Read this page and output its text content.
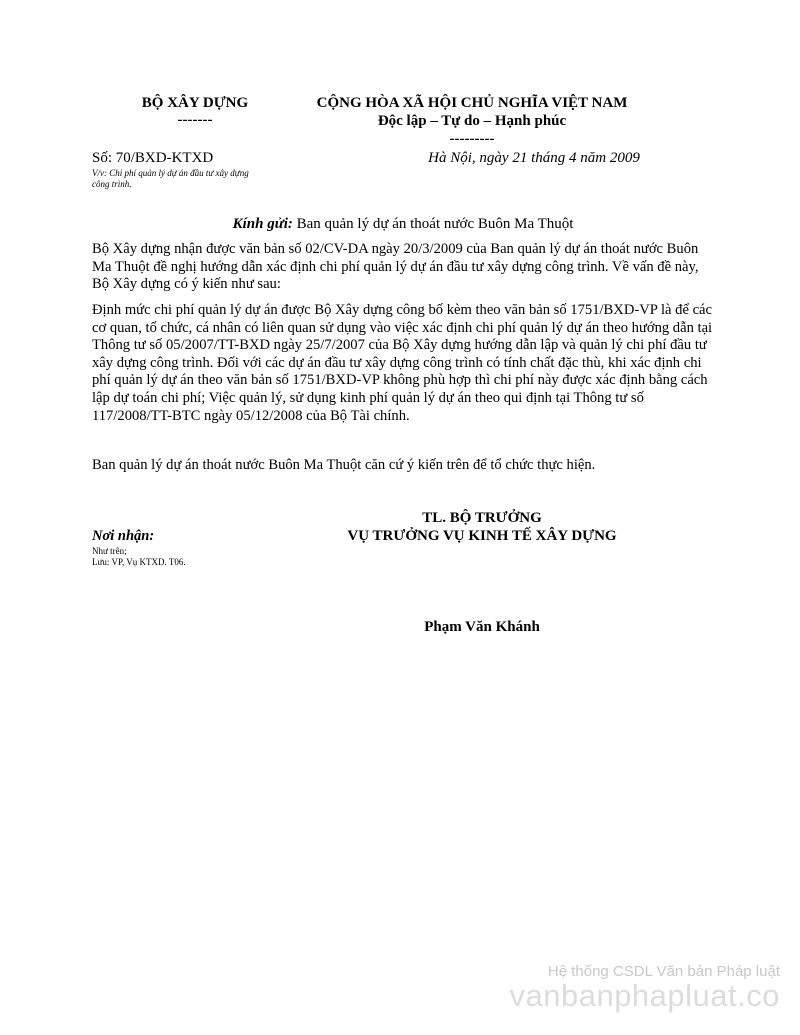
BỘ XÂY DỰNG
-------
CỘNG HÒA XÃ HỘI CHỦ NGHĨA VIỆT NAM
Độc lập – Tự do – Hạnh phúc
---------
Số: 70/BXD-KTXD
V/v: Chi phí quản lý dự án đầu tư xây dựng
công trình.
Hà Nội, ngày 21 tháng 4 năm 2009
Kính gửi: Ban quản lý dự án thoát nước Buôn Ma Thuột

Bộ Xây dựng nhận được văn bản số 02/CV-DA ngày 20/3/2009 của Ban quản lý dự án thoát nước Buôn Ma Thuột đề nghị hướng dẫn xác định chi phí quản lý dự án đầu tư xây dựng công trình. Về vấn đề này, Bộ Xây dựng có ý kiến như sau:

Định mức chi phí quản lý dự án được Bộ Xây dựng công bố kèm theo văn bản số 1751/BXD-VP là để các cơ quan, tổ chức, cá nhân có liên quan sử dụng vào việc xác định chi phí quản lý dự án theo hướng dẫn tại Thông tư số 05/2007/TT-BXD ngày 25/7/2007 của Bộ Xây dựng hướng dẫn lập và quản lý chi phí đầu tư xây dựng công trình. Đối với các dự án đầu tư xây dựng công trình có tính chất đặc thù, khi xác định chi phí quản lý dự án theo văn bản số 1751/BXD-VP không phù hợp thì chi phí này được xác định bằng cách lập dự toán chi phí; Việc quản lý, sử dụng kinh phí quản lý dự án theo qui định tại Thông tư số 117/2008/TT-BTC ngày 05/12/2008 của Bộ Tài chính.

Ban quản lý dự án thoát nước Buôn Ma Thuột căn cứ ý kiến trên để tổ chức thực hiện.

Nơi nhận:
Như trên;
Lưu: VP, Vụ KTXD. T06.
TL. BỘ TRƯỞNG
VỤ TRƯỞNG VỤ KINH TẾ XÂY DỰNG
Phạm Văn Khánh
Hệ thống CSDL Văn bản Pháp luật
vanbanphapluat.co
